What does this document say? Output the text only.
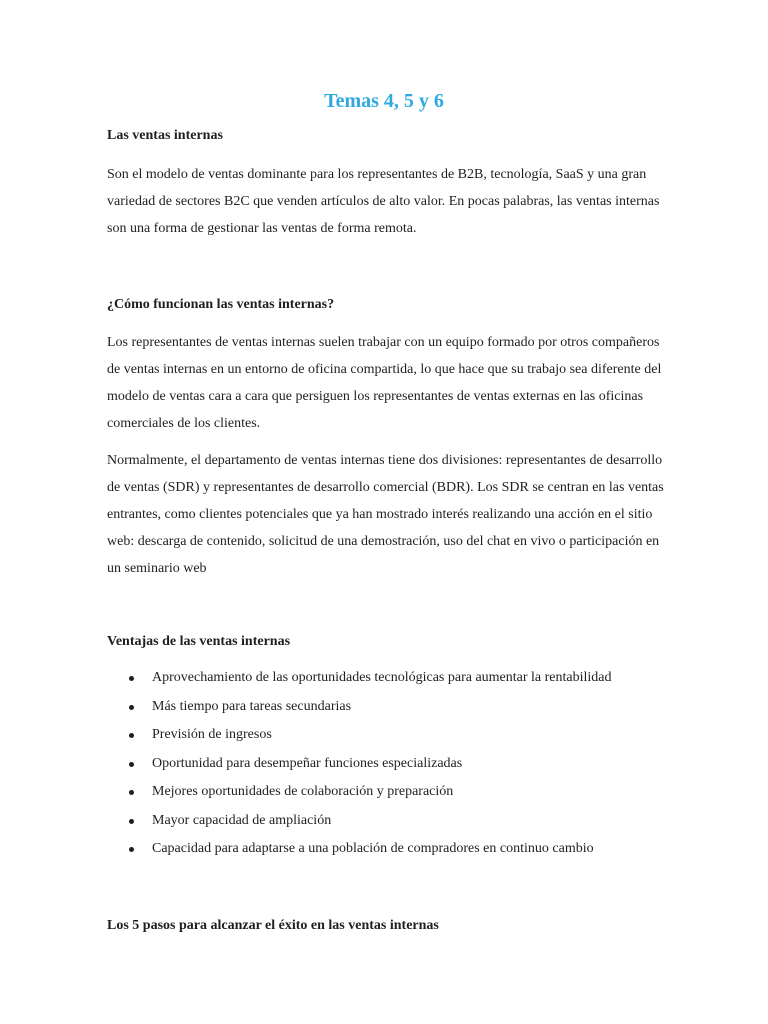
Temas 4, 5 y 6
Las ventas internas

Son el modelo de ventas dominante para los representantes de B2B, tecnología, SaaS y una gran variedad de sectores B2C que venden artículos de alto valor. En pocas palabras, las ventas internas son una forma de gestionar las ventas de forma remota.

¿Cómo funcionan las ventas internas?

Los representantes de ventas internas suelen trabajar con un equipo formado por otros compañeros de ventas internas en un entorno de oficina compartida, lo que hace que su trabajo sea diferente del modelo de ventas cara a cara que persiguen los representantes de ventas externas en las oficinas comerciales de los clientes.

Normalmente, el departamento de ventas internas tiene dos divisiones: representantes de desarrollo de ventas (SDR) y representantes de desarrollo comercial (BDR). Los SDR se centran en las ventas entrantes, como clientes potenciales que ya han mostrado interés realizando una acción en el sitio web: descarga de contenido, solicitud de una demostración, uso del chat en vivo o participación en un seminario web

Ventajas de las ventas internas
Aprovechamiento de las oportunidades tecnológicas para aumentar la rentabilidad
Más tiempo para tareas secundarias
Previsión de ingresos
Oportunidad para desempeñar funciones especializadas
Mejores oportunidades de colaboración y preparación
Mayor capacidad de ampliación
Capacidad para adaptarse a una población de compradores en continuo cambio
Los 5 pasos para alcanzar el éxito en las ventas internas
